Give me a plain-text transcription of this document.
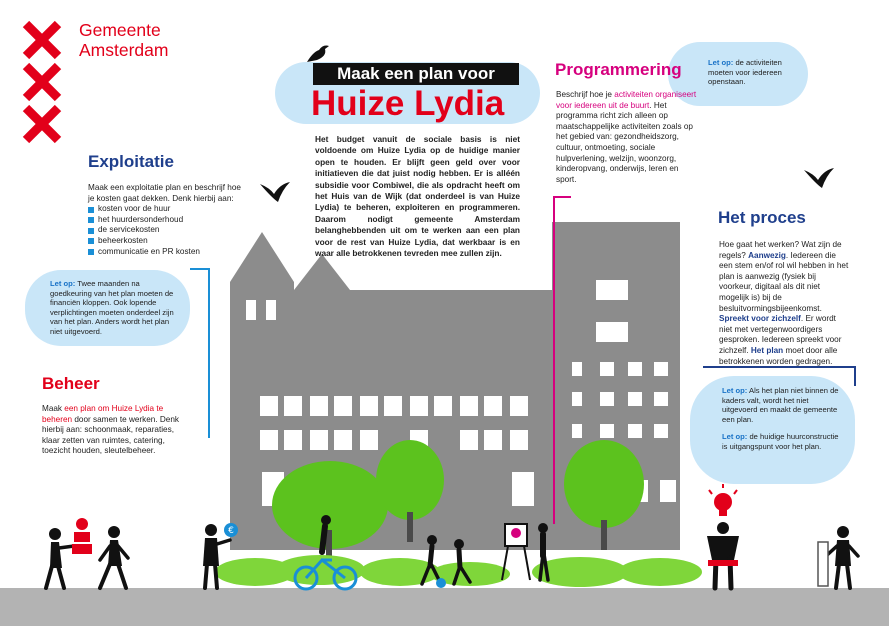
Gemeente
Amsterdam
Maak een plan voor
Huize Lydia
Het budget vanuit de sociale basis is niet voldoende om Huize Lydia op de huidige manier open te houden. Er blijft geen geld over voor initiatieven die dat juist nodig hebben. Er is alléén subsidie voor Combiwel, die als opdracht heeft om het Huis van de Wijk (dat onderdeel is van Huize Lydia) te beheren, exploiteren en programmeren. Daarom nodigt gemeente Amsterdam belanghebbenden uit om te werken aan een plan voor de rest van Huize Lydia, dat werkbaar is en waar alle betrokkenen tevreden mee zullen zijn.
Exploitatie
Maak een exploitatie plan en beschrijf hoe je kosten gaat dekken. Denk hierbij aan:
kosten voor de huur
het huurdersonderhoud
de servicekosten
beheerkosten
communicatie en PR kosten
Let op: Twee maanden na goedkeuring van het plan moeten de financiën kloppen. Ook lopende verplichtingen moeten onderdeel zijn van het plan. Anders wordt het plan niet uitgevoerd.
Beheer
Maak een plan om Huize Lydia te beheren door samen te werken. Denk hierbij aan: schoonmaak, reparaties, klaar zetten van ruimtes, catering, toezicht houden, sleutelbeheer.
Programmering
Beschrijf hoe je activiteiten organiseert voor iedereen uit de buurt. Het programma richt zich alleen op maatschappelijke activiteiten zoals op het gebied van: gezondheidszorg, cultuur, ontmoeting, sociale hulpverlening, welzijn, woonzorg, kinderopvang, onderwijs, leren en sport.
Let op: de activiteiten moeten voor iedereen openstaan.
Het proces
Hoe gaat het werken? Wat zijn de regels? Aanwezig. Iedereen die een stem en/of rol wil hebben in het plan is aanwezig (fysiek bij voorkeur, digitaal als dit niet mogelijk is) bij de besluitvormingsbijeenkomst. Spreekt voor zichzelf. Er wordt niet met vertegenwoordigers gesproken. Iedereen spreekt voor zichzelf. Het plan moet door alle betrokkenen worden gedragen.
Let op: Als het plan niet binnen de kaders valt, wordt het niet uitgevoerd en maakt de gemeente een plan.
Let op: de huidige huurconstructie is uitgangspunt voor het plan.
€
